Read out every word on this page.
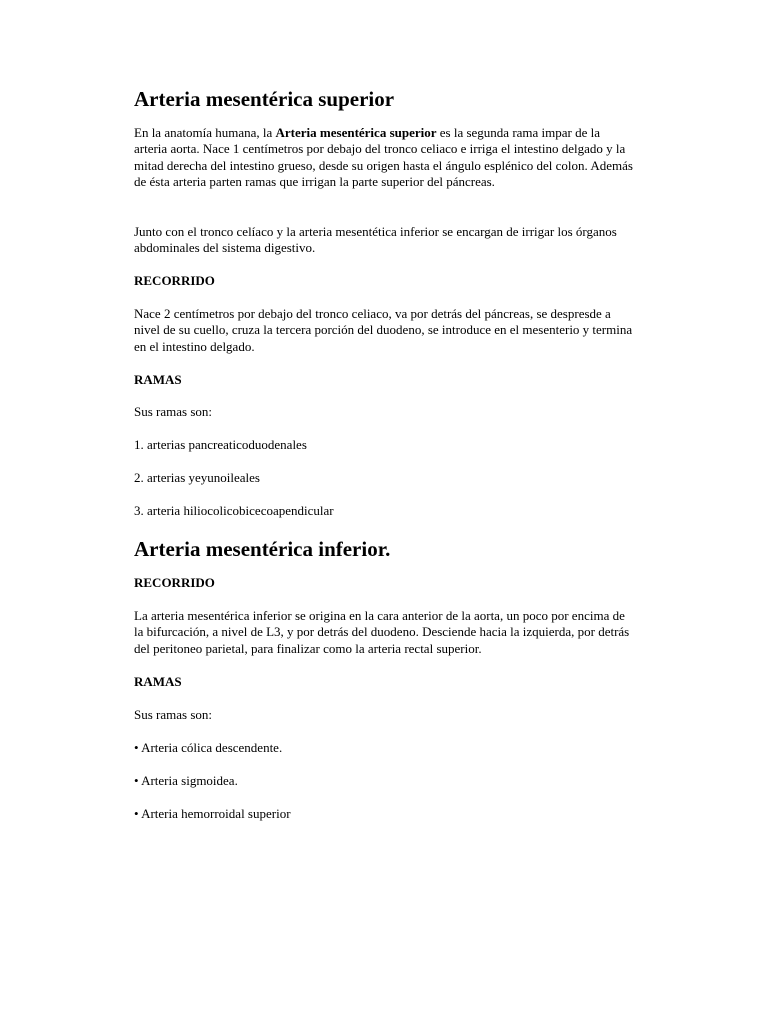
Arteria mesentérica superior

En la anatomía humana, la Arteria mesentérica superior es la segunda rama impar de la arteria aorta. Nace 1 centímetros por debajo del tronco celiaco e irriga el intestino delgado y la mitad derecha del intestino grueso, desde su origen hasta el ángulo esplénico del colon. Además de ésta arteria parten ramas que irrigan la parte superior del páncreas.

Junto con el tronco celíaco y la arteria mesentética inferior se encargan de irrigar los órganos abdominales del sistema digestivo.

RECORRIDO

Nace 2 centímetros por debajo del tronco celiaco, va por detrás del páncreas, se despresde a nivel de su cuello, cruza la tercera porción del duodeno, se introduce en el mesenterio y termina en el intestino delgado.

RAMAS
Sus ramas son:
1. arterias pancreaticoduodenales
2. arterias yeyunoileales
3. arteria hiliocolicobicecoapendicular
Arteria mesentérica inferior.
RECORRIDO

La arteria mesentérica inferior se origina en la cara anterior de la aorta, un poco por encima de la bifurcación, a nivel de L3, y por detrás del duodeno. Desciende hacia la izquierda, por detrás del peritoneo parietal, para finalizar como la arteria rectal superior.

RAMAS
Sus ramas son:
• Arteria cólica descendente.
• Arteria sigmoidea.
• Arteria hemorroidal superior
